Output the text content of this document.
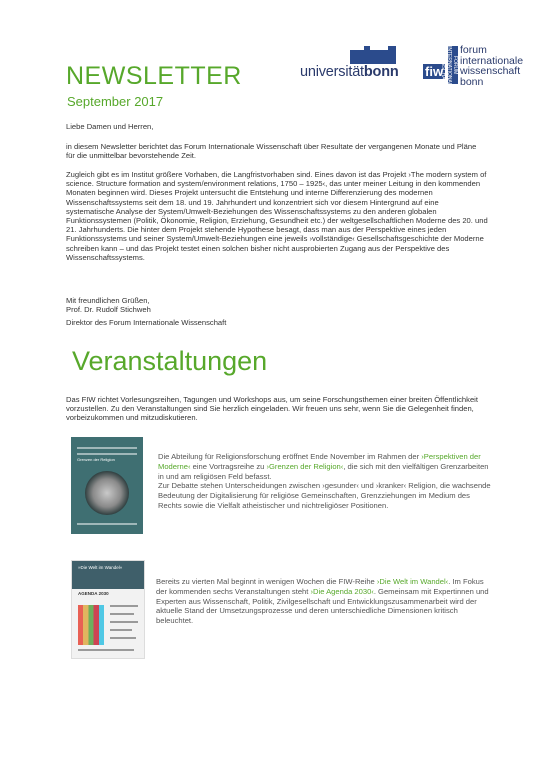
NEWSLETTER
September 2017
universitätbonn fiw	FORUM INTERNATIONALE WISSENSCHAFT	forum
internationale
wissenschaft
bonn
Liebe Damen und Herren,
in diesem Newsletter berichtet das Forum Internationale Wissenschaft über Resultate der vergangenen Monate und Pläne für die unmittelbar bevorstehende Zeit.
Zugleich gibt es im Institut größere Vorhaben, die Langfristvorhaben sind. Eines davon ist das Projekt ›The modern system of science. Structure formation and system/environment relations, 1750 – 1925‹, das unter meiner Leitung in den kommenden Monaten beginnen wird. Dieses Projekt untersucht die Entstehung und interne Differenzierung des modernen Wissenschaftssystems seit dem 18. und 19. Jahrhundert und konzentriert sich vor diesem Hintergrund auf eine systematische Analyse der System/Umwelt-Beziehungen des Wissenschaftssystems zu den anderen globalen Funktionssystemen (Politik, Ökonomie, Religion, Erziehung, Gesundheit etc.) der weltgesellschaftlichen Moderne des 20. und 21. Jahrhunderts. Die hinter dem Projekt stehende Hypothese besagt, dass man aus der Perspektive eines jeden Funktionssystems und seiner System/Umwelt-Beziehungen eine jeweils ›vollständige‹ Gesellschaftsgeschichte der Moderne schreiben kann – und das Projekt testet einen solchen bisher nicht ausprobierten Zugang aus der Perspektive des Wissenschaftssystems.
Mit freundlichen Grüßen,
Prof. Dr. Rudolf Stichweh
Direktor des Forum Internationale Wissenschaft
Veranstaltungen
Das FIW richtet Vorlesungsreihen, Tagungen und Workshops aus, um seine Forschungsthemen einer breiten Öffentlichkeit vorzustellen. Zu den Veranstaltungen sind Sie herzlich eingeladen. Wir freuen uns sehr, wenn Sie die Gelegenheit finden, vorbeizukommen und mitzudiskutieren.
Grenzen der Religion	Die Abteilung für Religionsforschung eröffnet Ende November im Rahmen der ›Perspektiven der Moderne‹ eine Vortragsreihe zu ›Grenzen der Religion‹, die sich mit den vielfältigen Grenzarbeiten in und am religiösen Feld befasst.
Zur Debatte stehen Unterscheidungen zwischen ›gesunder‹ und ›kranker‹ Religion, die wachsende Bedeutung der Digitalisierung für religiöse Gemeinschaften, Grenzziehungen im Medium des Rechts sowie die Vielfalt atheistischer und nichtreligiöser Positionen.
»Die Welt im Wandel«
AGENDA 2030
Bereits zu vierten Mal beginnt in wenigen Wochen die FIW-Reihe ›Die Welt im Wandel‹. Im Fokus der kommenden sechs Veranstaltungen steht ›Die Agenda 2030‹. Gemeinsam mit Expertinnen und Experten aus Wissenschaft, Politik, Zivilgesellschaft und Entwicklungszusammenarbeit wird der aktuelle Stand der Umsetzungsprozesse und deren unterschiedliche Dimensionen kritisch beleuchtet.
